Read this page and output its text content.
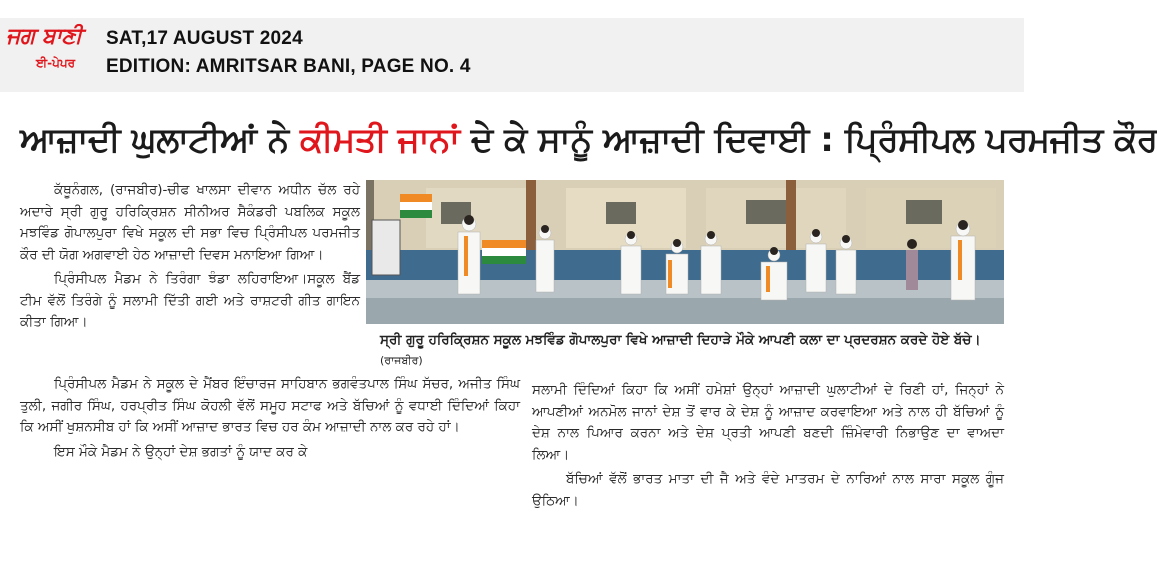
ਜਗ ਬਾਣੀ
ਈ-ਪੇਪਰ
SAT,17 AUGUST 2024
EDITION: AMRITSAR BANI, PAGE NO. 4
ਆਜ਼ਾਦੀ ਘੁਲਾਟੀਆਂ ਨੇ ਕੀਮਤੀ ਜਾਨਾਂ ਦੇ ਕੇ ਸਾਨੂੰ ਆਜ਼ਾਦੀ ਦਿਵਾਈ : ਪ੍ਰਿੰਸੀਪਲ ਪਰਮਜੀਤ ਕੌਰ

ਕੱਥੂਨੰਗਲ, (ਰਾਜਬੀਰ)-ਚੀਫ ਖਾਲਸਾ ਦੀਵਾਨ ਅਧੀਨ ਚੱਲ ਰਹੇ ਅਦਾਰੇ ਸ੍ਰੀ ਗੁਰੂ ਹਰਿਕ੍ਰਿਸ਼ਨ ਸੀਨੀਅਰ ਸੈਕੰਡਰੀ ਪਬਲਿਕ ਸਕੂਲ ਮਝਵਿੰਡ ਗੋਪਾਲਪੁਰਾ ਵਿਖੇ ਸਕੂਲ ਦੀ ਸਭਾ ਵਿਚ ਪ੍ਰਿੰਸੀਪਲ ਪਰਮਜੀਤ ਕੌਰ ਦੀ ਯੋਗ ਅਗਵਾਈ ਹੇਠ ਆਜ਼ਾਦੀ ਦਿਵਸ ਮਨਾਇਆ ਗਿਆ।

ਪ੍ਰਿੰਸੀਪਲ ਮੈਡਮ ਨੇ ਤਿਰੰਗਾ ਝੰਡਾ ਲਹਿਰਾਇਆ।ਸਕੂਲ ਬੈਂਡ ਟੀਮ ਵੱਲੋਂ ਤਿਰੰਗੇ ਨੂੰ ਸਲਾਮੀ ਦਿੱਤੀ ਗਈ ਅਤੇ ਰਾਸ਼ਟਰੀ ਗੀਤ ਗਾਇਨ ਕੀਤਾ ਗਿਆ।

ਸ੍ਰੀ ਗੁਰੂ ਹਰਿਕ੍ਰਿਸ਼ਨ ਸਕੂਲ ਮਝਵਿੰਡ ਗੋਪਾਲਪੁਰਾ ਵਿਖੇ ਆਜ਼ਾਦੀ ਦਿਹਾੜੇ ਮੌਕੇ ਆਪਣੀ ਕਲਾ ਦਾ ਪ੍ਰਦਰਸ਼ਨ ਕਰਦੇ ਹੋਏ ਬੱਚੇ। (ਰਾਜਬੀਰ)

ਪ੍ਰਿੰਸੀਪਲ ਮੈਡਮ ਨੇ ਸਕੂਲ ਦੇ ਮੈਂਬਰ ਇੰਚਾਰਜ ਸਾਹਿਬਾਨ ਭਗਵੰਤਪਾਲ ਸਿੰਘ ਸੱਚਰ, ਅਜੀਤ ਸਿੰਘ ਤੁਲੀ, ਜਗੀਰ ਸਿੰਘ, ਹਰਪ੍ਰੀਤ ਸਿੰਘ ਕੋਹਲੀ ਵੱਲੋਂ ਸਮੂਹ ਸਟਾਫ ਅਤੇ ਬੱਚਿਆਂ ਨੂੰ ਵਧਾਈ ਦਿੰਦਿਆਂ ਕਿਹਾ ਕਿ ਅਸੀਂ ਖੁਸ਼ਨਸੀਬ ਹਾਂ ਕਿ ਅਸੀਂ ਆਜ਼ਾਦ ਭਾਰਤ ਵਿਚ ਹਰ ਕੰਮ ਆਜ਼ਾਦੀ ਨਾਲ ਕਰ ਰਹੇ ਹਾਂ।

ਇਸ ਮੌਕੇ ਮੈਡਮ ਨੇ ਉਨ੍ਹਾਂ ਦੇਸ਼ ਭਗਤਾਂ ਨੂੰ ਯਾਦ ਕਰ ਕੇ

ਸਲਾਮੀ ਦਿੰਦਿਆਂ ਕਿਹਾ ਕਿ ਅਸੀਂ ਹਮੇਸ਼ਾਂ ਉਨ੍ਹਾਂ ਆਜ਼ਾਦੀ ਘੁਲਾਟੀਆਂ ਦੇ ਰਿਣੀ ਹਾਂ, ਜਿਨ੍ਹਾਂ ਨੇ ਆਪਣੀਆਂ ਅਨਮੋਲ ਜਾਨਾਂ ਦੇਸ਼ ਤੋਂ ਵਾਰ ਕੇ ਦੇਸ਼ ਨੂੰ ਆਜ਼ਾਦ ਕਰਵਾਇਆ ਅਤੇ ਨਾਲ ਹੀ ਬੱਚਿਆਂ ਨੂੰ ਦੇਸ਼ ਨਾਲ ਪਿਆਰ ਕਰਨਾ ਅਤੇ ਦੇਸ਼ ਪ੍ਰਤੀ ਆਪਣੀ ਬਣਦੀ ਜ਼ਿੰਮੇਵਾਰੀ ਨਿਭਾਉਣ ਦਾ ਵਾਅਦਾ ਲਿਆ।

ਬੱਚਿਆਂ ਵੱਲੋਂ ਭਾਰਤ ਮਾਤਾ ਦੀ ਜੈ ਅਤੇ ਵੰਦੇ ਮਾਤਰਮ ਦੇ ਨਾਰਿਆਂ ਨਾਲ ਸਾਰਾ ਸਕੂਲ ਗੂੰਜ ਉਠਿਆ।
